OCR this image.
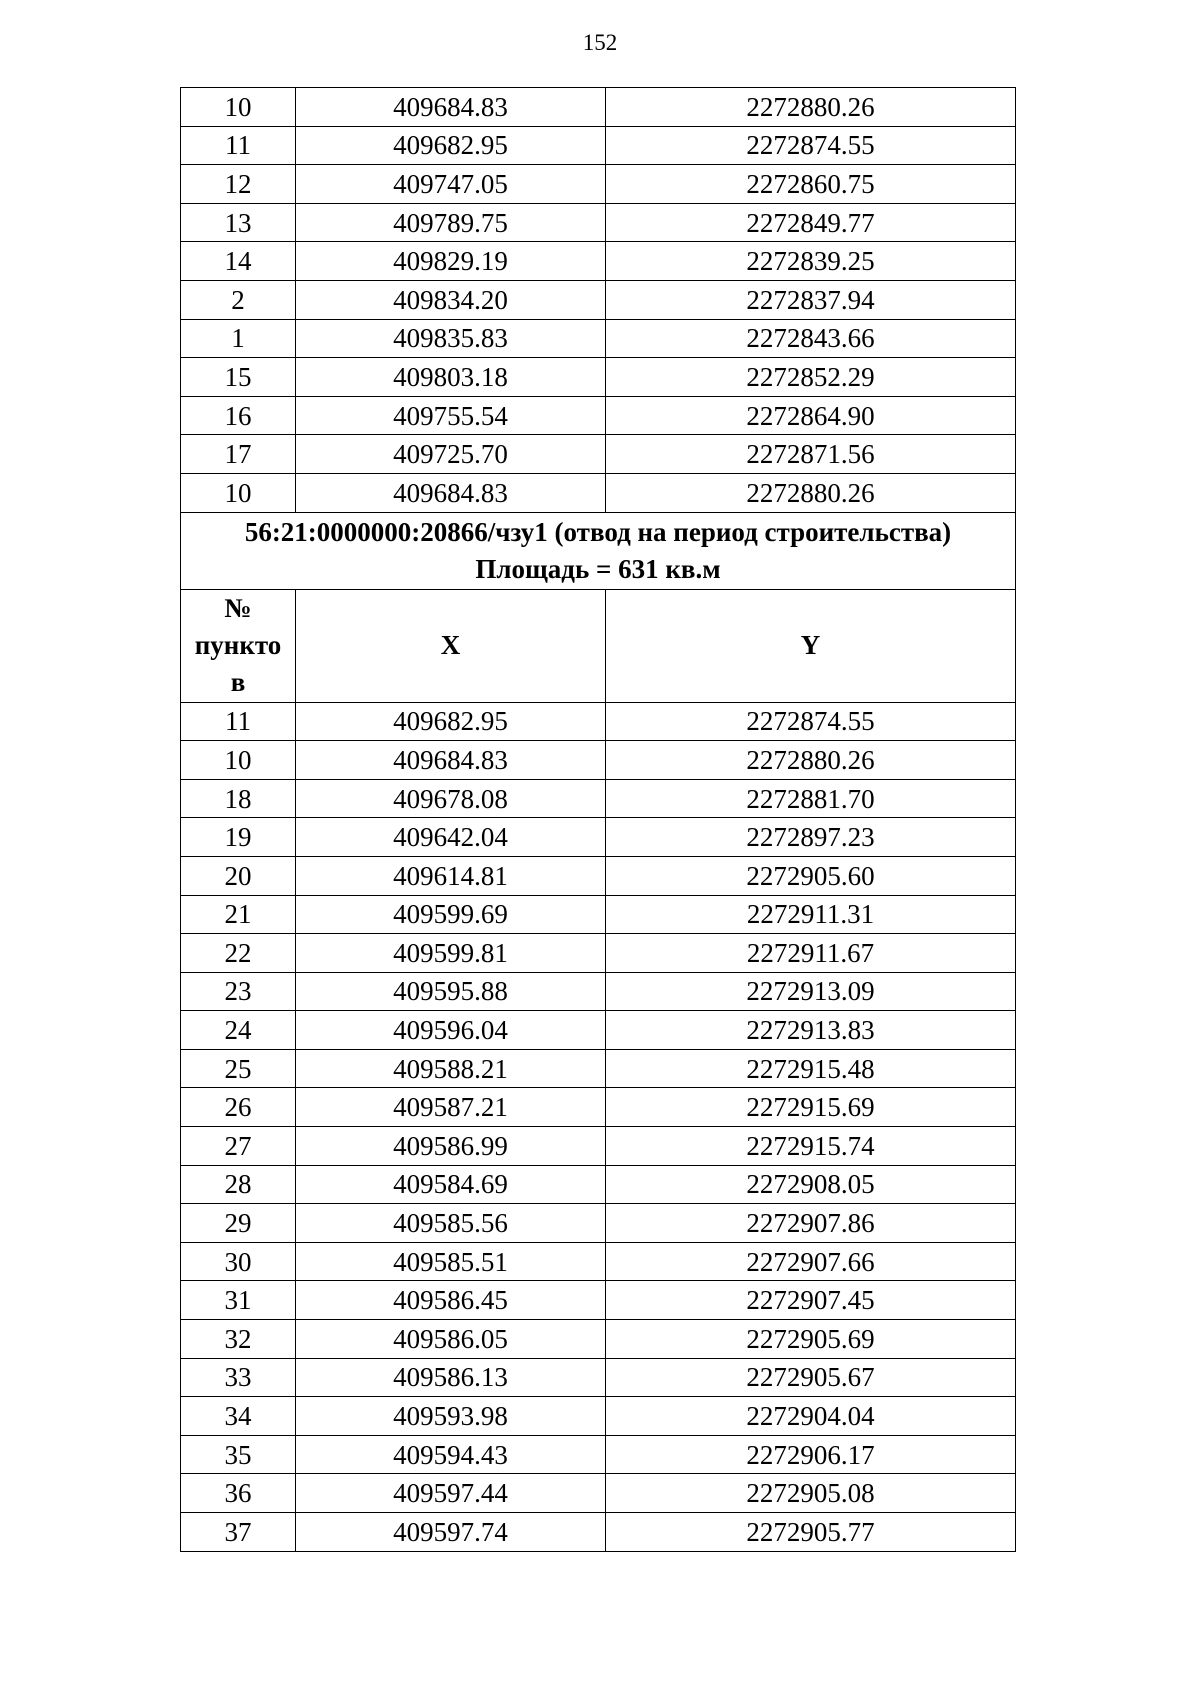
152
10	409684.83	2272880.26
11	409682.95	2272874.55
12	409747.05	2272860.75
13	409789.75	2272849.77
14	409829.19	2272839.25
2	409834.20	2272837.94
1	409835.83	2272843.66
15	409803.18	2272852.29
16	409755.54	2272864.90
17	409725.70	2272871.56
10	409684.83	2272880.26
56:21:0000000:20866/чзу1 (отвод на период строительства)
Площадь = 631 кв.м		
№
пункто
в	X	Y
11	409682.95	2272874.55
10	409684.83	2272880.26
18	409678.08	2272881.70
19	409642.04	2272897.23
20	409614.81	2272905.60
21	409599.69	2272911.31
22	409599.81	2272911.67
23	409595.88	2272913.09
24	409596.04	2272913.83
25	409588.21	2272915.48
26	409587.21	2272915.69
27	409586.99	2272915.74
28	409584.69	2272908.05
29	409585.56	2272907.86
30	409585.51	2272907.66
31	409586.45	2272907.45
32	409586.05	2272905.69
33	409586.13	2272905.67
34	409593.98	2272904.04
35	409594.43	2272906.17
36	409597.44	2272905.08
37	409597.74	2272905.77
